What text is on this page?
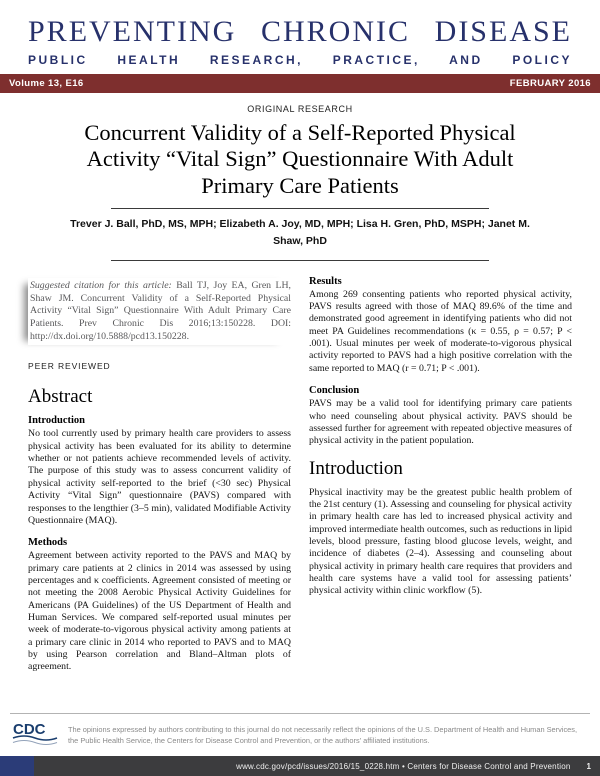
PREVENTING CHRONIC DISEASE
PUBLIC HEALTH RESEARCH, PRACTICE, AND POLICY
Volume 13, E16	FEBRUARY 2016
ORIGINAL RESEARCH
Concurrent Validity of a Self-Reported Physical Activity “Vital Sign” Questionnaire With Adult Primary Care Patients
Trever J. Ball, PhD, MS, MPH; Elizabeth A. Joy, MD, MPH; Lisa H. Gren, PhD, MSPH; Janet M. Shaw, PhD

Suggested citation for this article: Ball TJ, Joy EA, Gren LH, Shaw JM. Concurrent Validity of a Self-Reported Physical Activity “Vital Sign” Questionnaire With Adult Primary Care Patients. Prev Chronic Dis 2016;13:150228. DOI: http://dx.doi.org/10.5888/pcd13.150228.

PEER REVIEWED
Abstract
Introduction

No tool currently used by primary health care providers to assess physical activity has been evaluated for its ability to determine whether or not patients achieve recommended levels of activity. The purpose of this study was to assess concurrent validity of physical activity self-reported to the brief (<30 sec) Physical Activity “Vital Sign” questionnaire (PAVS) compared with responses to the lengthier (3–5 min), validated Modifiable Activity Questionnaire (MAQ).

Methods

Agreement between activity reported to the PAVS and MAQ by primary care patients at 2 clinics in 2014 was assessed by using percentages and κ coefficients. Agreement consisted of meeting or not meeting the 2008 Aerobic Physical Activity Guidelines for Americans (PA Guidelines) of the US Department of Health and Human Services. We compared self-reported usual minutes per week of moderate-to-vigorous physical activity among patients at a primary care clinic in 2014 who reported to PAVS and to MAQ by using Pearson correlation and Bland–Altman plots of agreement.

Results

Among 269 consenting patients who reported physical activity, PAVS results agreed with those of MAQ 89.6% of the time and demonstrated good agreement in identifying patients who did not meet PA Guidelines recommendations (κ = 0.55, ρ = 0.57; P < .001). Usual minutes per week of moderate-to-vigorous physical activity reported to PAVS had a high positive correlation with the same reported to MAQ (r = 0.71; P < .001).

Conclusion

PAVS may be a valid tool for identifying primary care patients who need counseling about physical activity. PAVS should be assessed further for agreement with repeated objective measures of physical activity in the patient population.

Introduction

Physical inactivity may be the greatest public health problem of the 21st century (1). Assessing and counseling for physical activity in primary health care has led to increased physical activity and improved intermediate health outcomes, such as reductions in lipid levels, blood pressure, fasting blood glucose levels, weight, and incidence of diabetes (2–4). Assessing and counseling about physical activity in primary health care requires that providers and health care systems have a valid tool for assessing patients’ physical activity within clinic workflow (5).

CDC	The opinions expressed by authors contributing to this journal do not necessarily reflect the opinions of the U.S. Department of Health and Human Services, the Public Health Service, the Centers for Disease Control and Prevention, or the authors’ affiliated institutions.
www.cdc.gov/pcd/issues/2016/15_0228.htm • Centers for Disease Control and Prevention 1
